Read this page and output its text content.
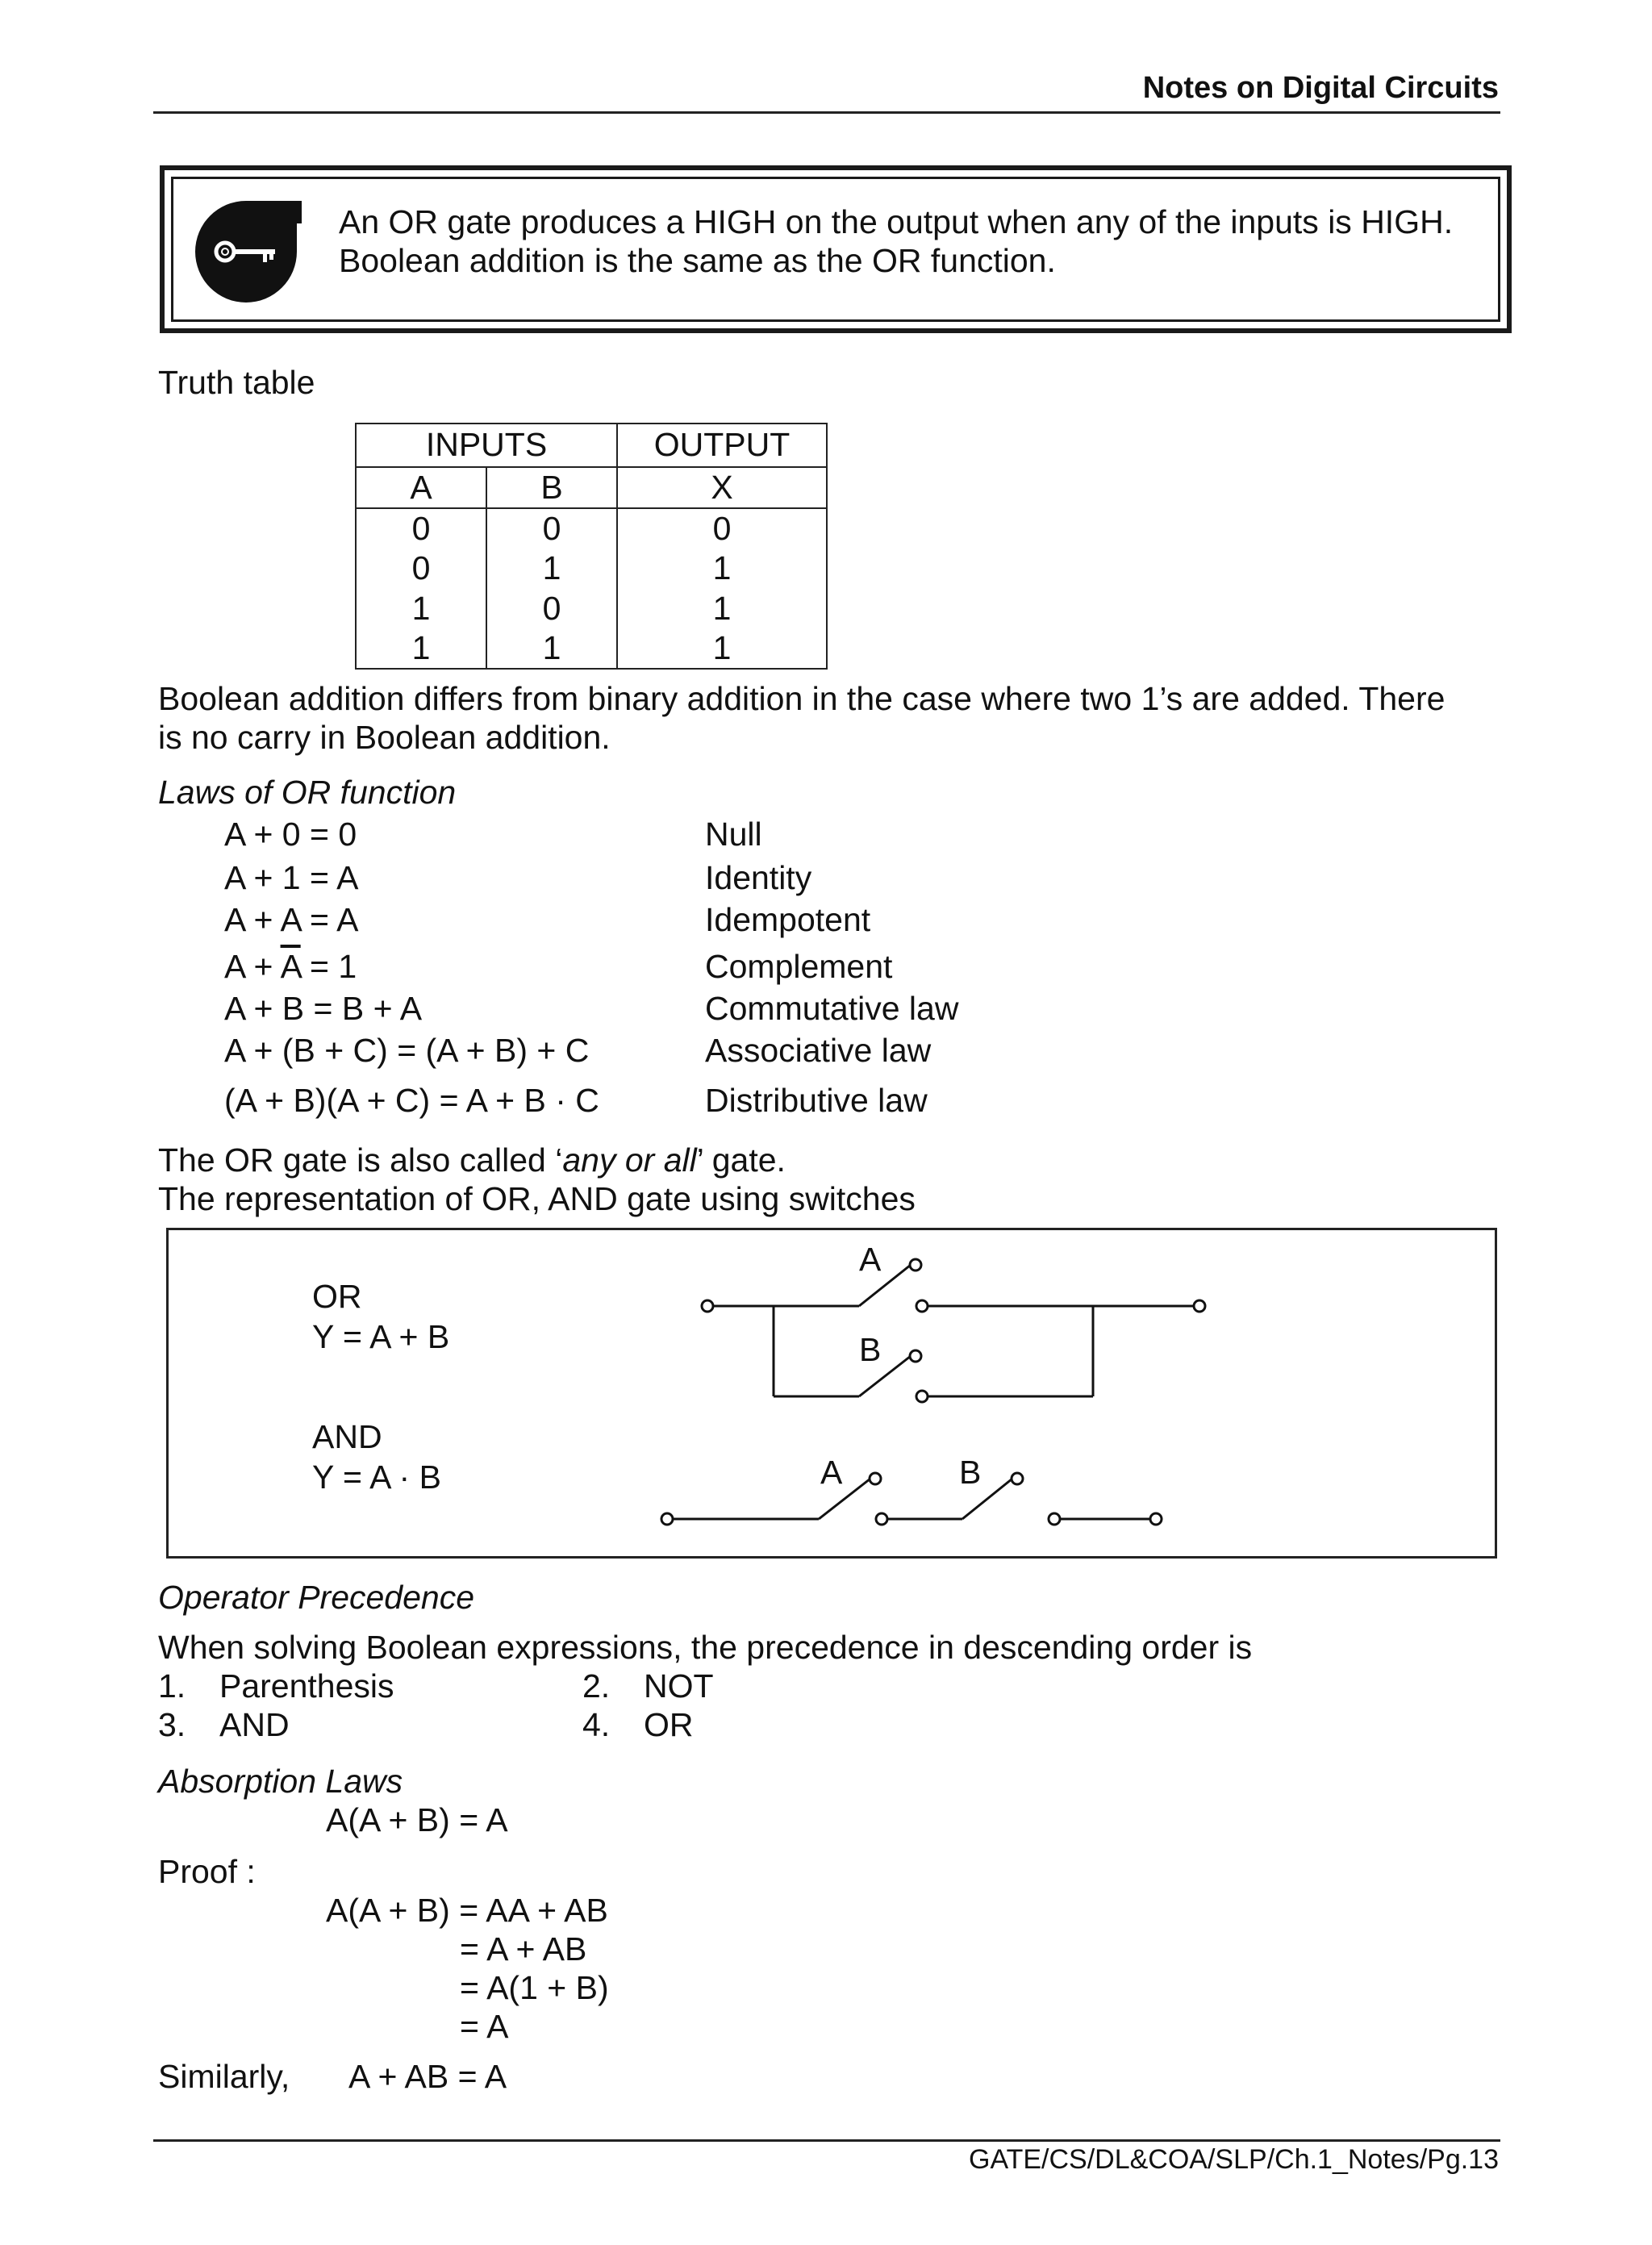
Notes on Digital Circuits
An OR gate produces a HIGH on the output when any of the inputs is HIGH.
Boolean addition is the same as the OR function.
Truth table
INPUTS		OUTPUT
A	B	X
0	0	0
0	1	1
1	0	1
1	1	1
Boolean addition differs from binary addition in the case where two 1’s are added. There
is no carry in Boolean addition.
Laws of OR function
A + 0 = 0	Null
A + 1 = A	Identity
A + A = A	Idempotent
$A + \overline{A} = 1$	Complement
A + B = B + A	Commutative law
A + (B + C) = (A + B) + C	Associative law
(A + B)(A + C) = A + B · C	Distributive law
The OR gate is also called ‘any or all’ gate.
The representation of OR, AND gate using switches
OR
Y = A + B
AND
Y = A · B
A
B
A	B
Operator Precedence
When solving Boolean expressions, the precedence in descending order is
1. Parenthesis	2. NOT
3. AND	4. OR
Absorption Laws
A(A + B) = A
Proof :
A(A + B) = AA + AB
= A + AB
= A(1 + B)
= A
Similarly, A + AB = A
GATE/CS/DL&COA/SLP/Ch.1_Notes/Pg.13
